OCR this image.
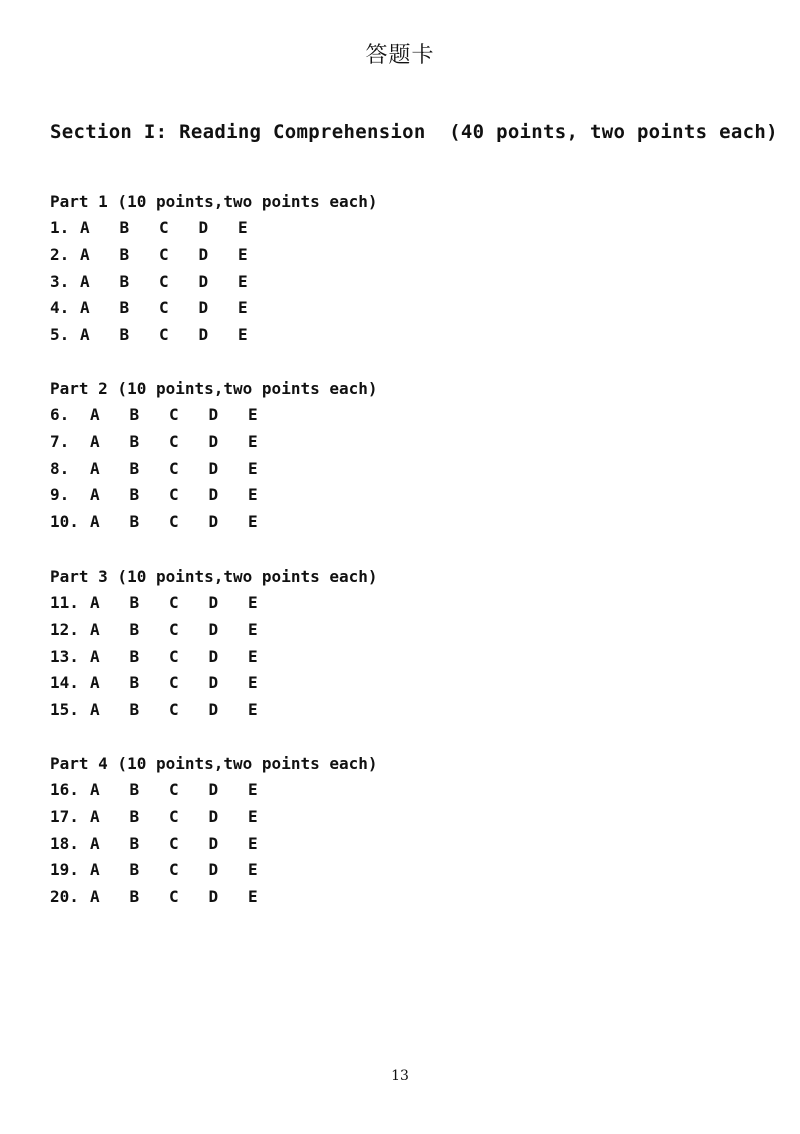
答题卡
Section I: Reading Comprehension  (40 points, two points each)
Part 1 (10 points,two points each)
1. A B C D E
2. A B C D E
3. A B C D E
4. A B C D E
5. A B C D E
Part 2 (10 points,two points each)
6. A B C D E
7. A B C D E
8. A B C D E
9. A B C D E
10. A B C D E
Part 3 (10 points,two points each)
11. A B C D E
12. A B C D E
13. A B C D E
14. A B C D E
15. A B C D E
Part 4 (10 points,two points each)
16. A B C D E
17. A B C D E
18. A B C D E
19. A B C D E
20. A B C D E
13
